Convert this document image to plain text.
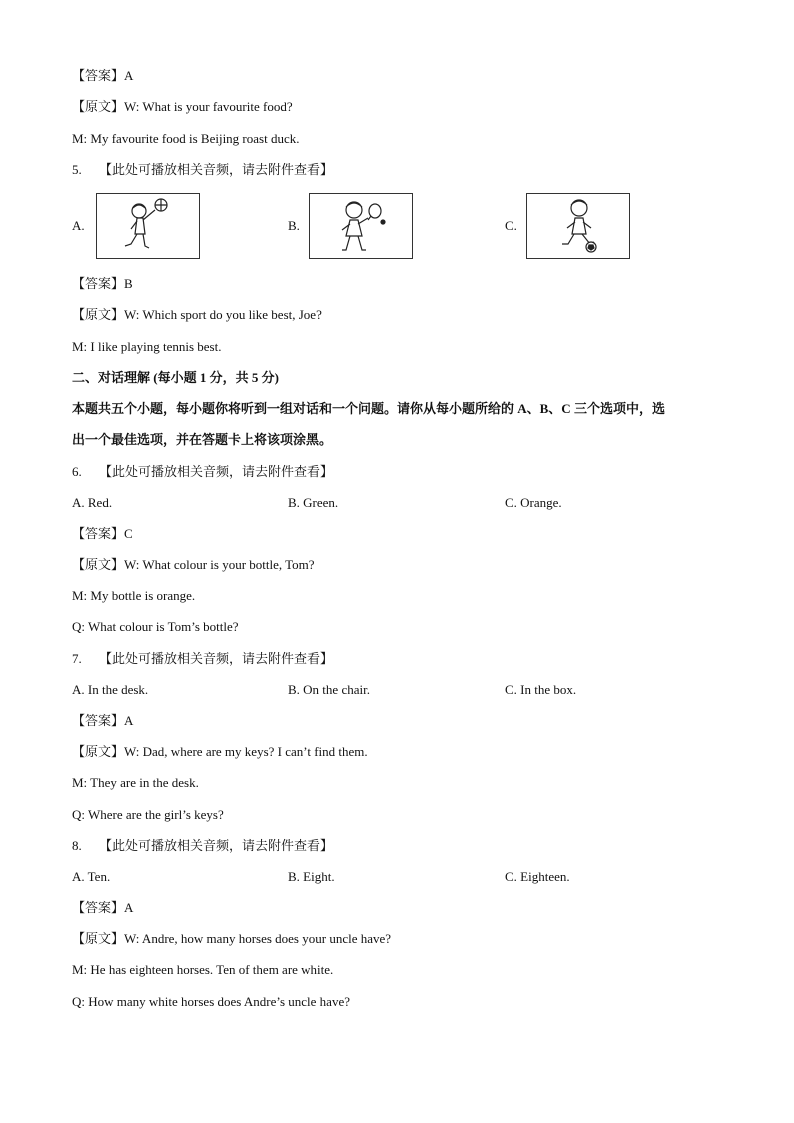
【答案】A
【原文】W: What is your favourite food?
M: My favourite food is Beijing roast duck.
5. 【此处可播放相关音频，请去附件查看】
A.	B.	C.
【答案】B
【原文】W: Which sport do you like best, Joe?
M: I like playing tennis best.
二、对话理解 (每小题 1 分，共 5 分)
本题共五个小题，每小题你将听到一组对话和一个问题。请你从每小题所给的 A、B、C 三个选项中，选
出一个最佳选项，并在答题卡上将该项涂黑。
6. 【此处可播放相关音频，请去附件查看】
A. Red.	B. Green.	C. Orange.
【答案】C
【原文】W: What colour is your bottle, Tom?
M: My bottle is orange.
Q: What colour is Tom’s bottle?
7. 【此处可播放相关音频，请去附件查看】
A. In the desk.	B. On the chair.	C. In the box.
【答案】A
【原文】W: Dad, where are my keys? I can’t find them.
M: They are in the desk.
Q: Where are the girl’s keys?
8. 【此处可播放相关音频，请去附件查看】
A. Ten.	B. Eight.	C. Eighteen.
【答案】A
【原文】W: Andre, how many horses does your uncle have?
M: He has eighteen horses. Ten of them are white.
Q: How many white horses does Andre’s uncle have?
